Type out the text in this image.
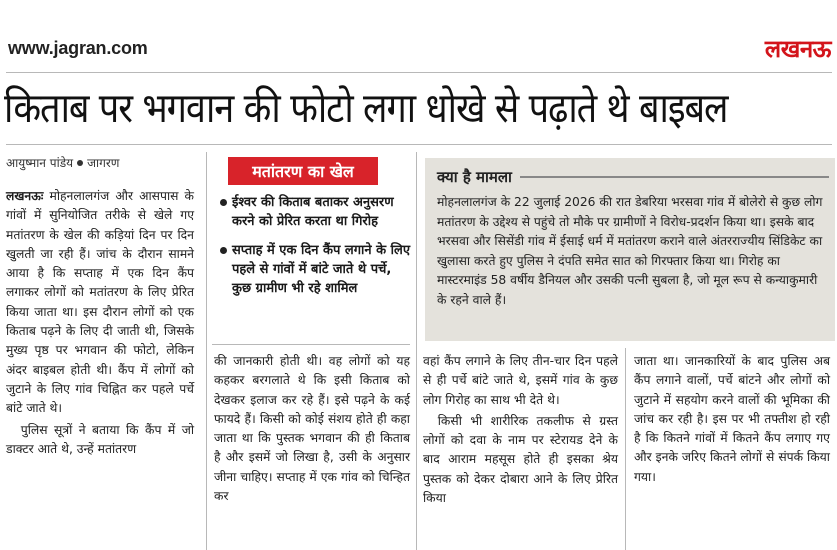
www.jagran.com	लखनऊ
किताब पर भगवान की फोटो लगा धोखे से पढ़ाते थे बाइबल
आयुष्मान पांडेय जागरण

लखनऊः मोहनलालगंज और आसपास के गांवों में सुनियोजित तरीके से खेले गए मतांतरण के खेल की कड़ियां दिन पर दिन खुलती जा रही हैं। जांच के दौरान सामने आया है कि सप्ताह में एक दिन कैंप लगाकर लोगों को मतांतरण के लिए प्रेरित किया जाता था। इस दौरान लोगों को एक किताब पढ़ने के लिए दी जाती थी, जिसके मुख्य पृष्ठ पर भगवान की फोटो, लेकिन अंदर बाइबल होती थी। कैंप में लोगों को जुटाने के लिए गांव चिह्नित कर पहले पर्चे बांटे जाते थे।

पुलिस सूत्रों ने बताया कि कैंप में जो डाक्टर आते थे, उन्हें मतांतरण

मतांतरण का खेल
ईश्वर की किताब बताकर अनुसरण करने को प्रेरित करता था गिरोह
सप्ताह में एक दिन कैंप लगाने के लिए पहले से गांवों में बांटे जाते थे पर्चे, कुछ ग्रामीण भी रहे शामिल

की जानकारी होती थी। वह लोगों को यह कहकर बरगलाते थे कि इसी किताब को देखकर इलाज कर रहे हैं। इसे पढ़ने के कई फायदे हैं। किसी को कोई संशय होते ही कहा जाता था कि पुस्तक भगवान की ही किताब है और इसमें जो लिखा है, उसी के अनुसार जीना चाहिए। सप्ताह में एक गांव को चिन्हित कर

क्या है मामला
मोहनलालगंज के 22 जुलाई 2026 की रात डेबरिया भरसवा गांव में बोलेरो से कुछ लोग मतांतरण के उद्देश्य से पहुंचे तो मौके पर ग्रामीणों ने विरोध-प्रदर्शन किया था। इसके बाद भरसवा और सिसेंडी गांव में ईसाई धर्म में मतांतरण कराने वाले अंतरराज्यीय सिंडिकेट का खुलासा करते हुए पुलिस ने दंपति समेत सात को गिरफ्तार किया था। गिरोह का मास्टरमाइंड 58 वर्षीय डैनियल और उसकी पत्नी सुबला है, जो मूल रूप से कन्याकुमारी के रहने वाले हैं।

वहां कैंप लगाने के लिए तीन-चार दिन पहले से ही पर्चे बांटे जाते थे, इसमें गांव के कुछ लोग गिरोह का साथ भी देते थे।

किसी भी शारीरिक तकलीफ से ग्रस्त लोगों को दवा के नाम पर स्टेरायड देने के बाद आराम महसूस होते ही इसका श्रेय पुस्तक को देकर दोबारा आने के लिए प्रेरित किया

जाता था। जानकारियों के बाद पुलिस अब कैंप लगाने वालों, पर्चे बांटने और लोगों को जुटाने में सहयोग करने वालों की भूमिका की जांच कर रही है। इस पर भी तफ्तीश हो रही है कि कितने गांवों में कितने कैंप लगाए गए और इनके जरिए कितने लोगों से संपर्क किया गया।
